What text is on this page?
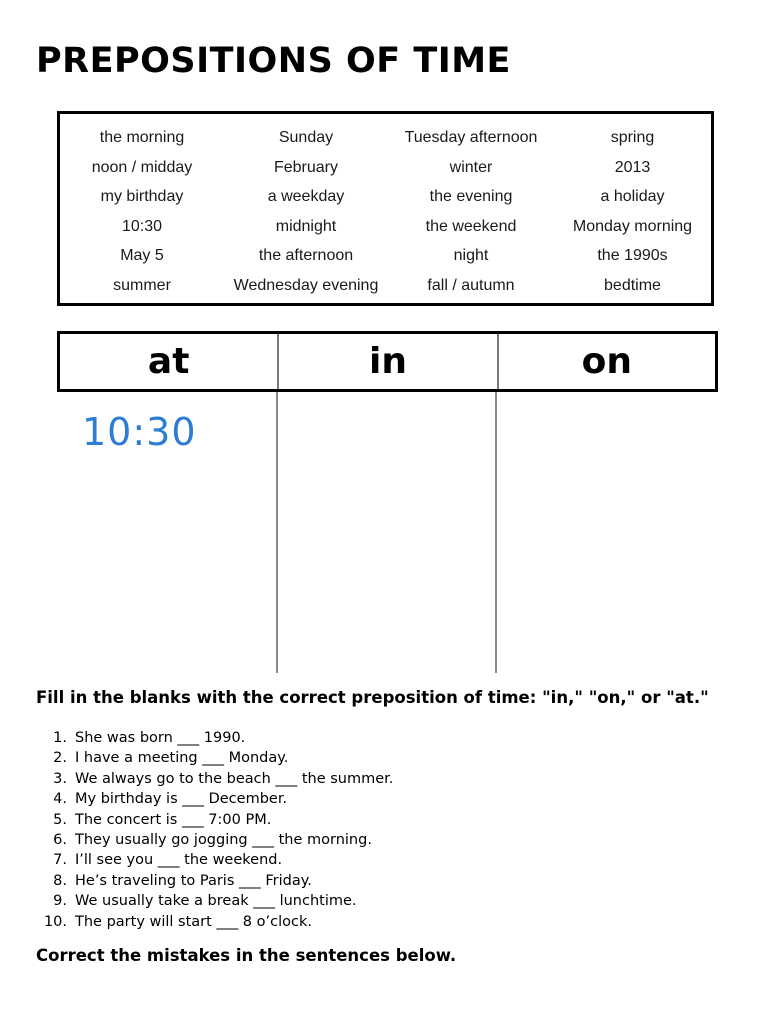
PREPOSITIONS OF TIME
the morning	Sunday	Tuesday afternoon	spring
noon / midday	February	winter	2013
my birthday	a weekday	the evening	a holiday
10:30	midnight	the weekend	Monday morning
May 5	the afternoon	night	the 1990s
summer	Wednesday evening	fall / autumn	bedtime
at	in	on
10:30

Fill in the blanks with the correct preposition of time: "in," "on," or "at."

1. She was born ___ 1990.
2. I have a meeting ___ Monday.
3. We always go to the beach ___ the summer.
4. My birthday is ___ December.
5. The concert is ___ 7:00 PM.
6. They usually go jogging ___ the morning.
7. I’ll see you ___ the weekend.
8. He’s traveling to Paris ___ Friday.
9. We usually take a break ___ lunchtime.
10. The party will start ___ 8 o’clock.

Correct the mistakes in the sentences below.
